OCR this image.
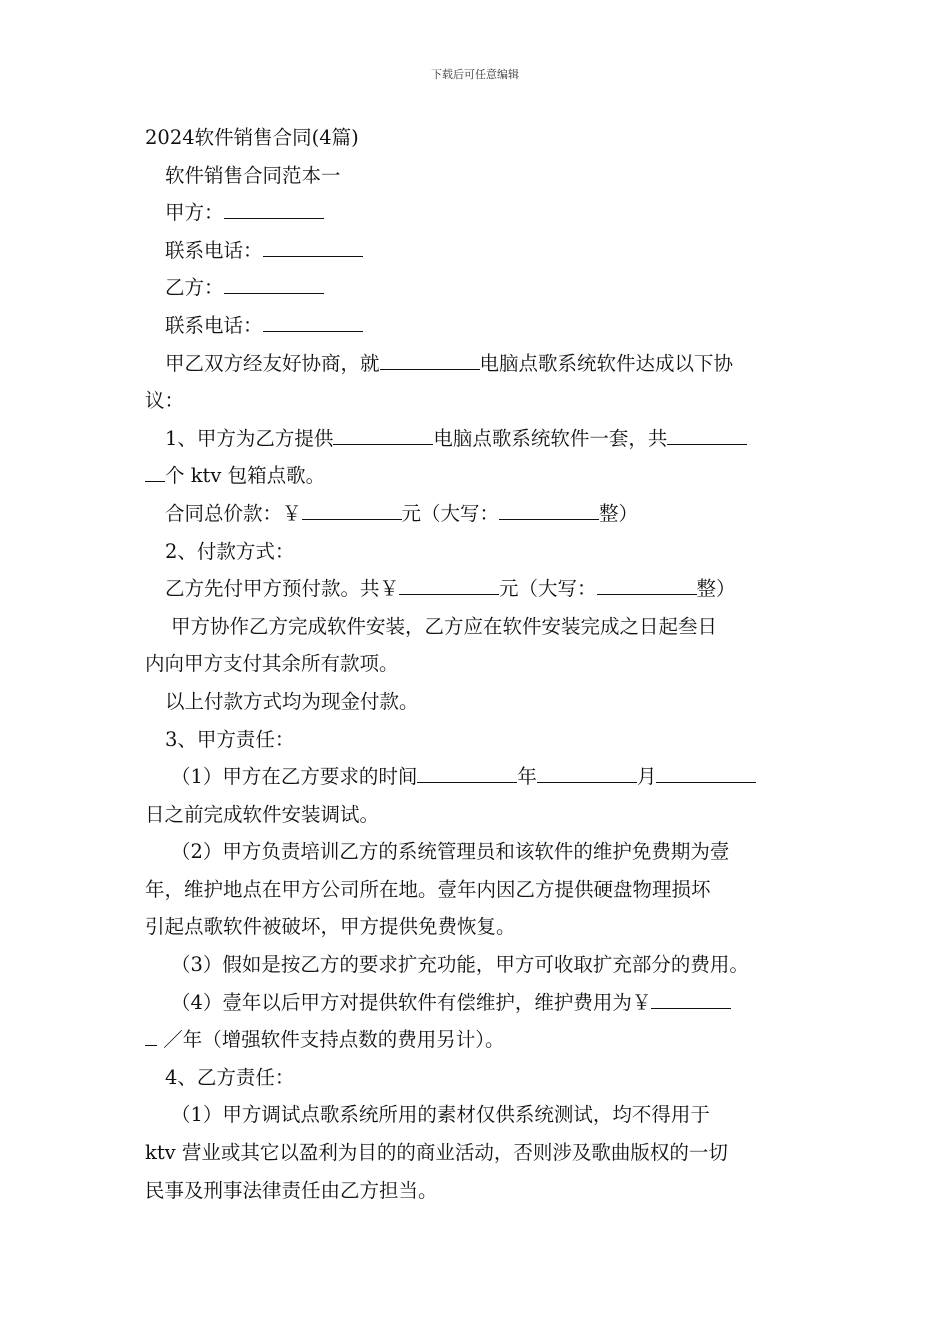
下载后可任意编辑
2024软件销售合同(4篇)
软件销售合同范本一
甲方：
联系电话：
乙方：
联系电话：
甲乙双方经友好协商，就	电脑点歌系统软件达成以下协
议：
1、甲方为乙方提供	电脑点歌系统软件一套，共
个 ktv 包箱点歌。
合同总价款：￥	元（大写：	整）
2、付款方式：
乙方先付甲方预付款。共￥	元（大写：	整）
甲方协作乙方完成软件安装，乙方应在软件安装完成之日起叁日
内向甲方支付其余所有款项。
以上付款方式均为现金付款。
3、甲方责任：
（1）甲方在乙方要求的时间	年	月
日之前完成软件安装调试。
（2）甲方负责培训乙方的系统管理员和该软件的维护免费期为壹
年，维护地点在甲方公司所在地。壹年内因乙方提供硬盘物理损坏
引起点歌软件被破坏，甲方提供免费恢复。
（3）假如是按乙方的要求扩充功能，甲方可收取扩充部分的费用。
（4）壹年以后甲方对提供软件有偿维护，维护费用为￥
／年（增强软件支持点数的费用另计）。
4、乙方责任：
（1）甲方调试点歌系统所用的素材仅供系统测试，均不得用于
ktv 营业或其它以盈利为目的的商业活动，否则涉及歌曲版权的一切
民事及刑事法律责任由乙方担当。
